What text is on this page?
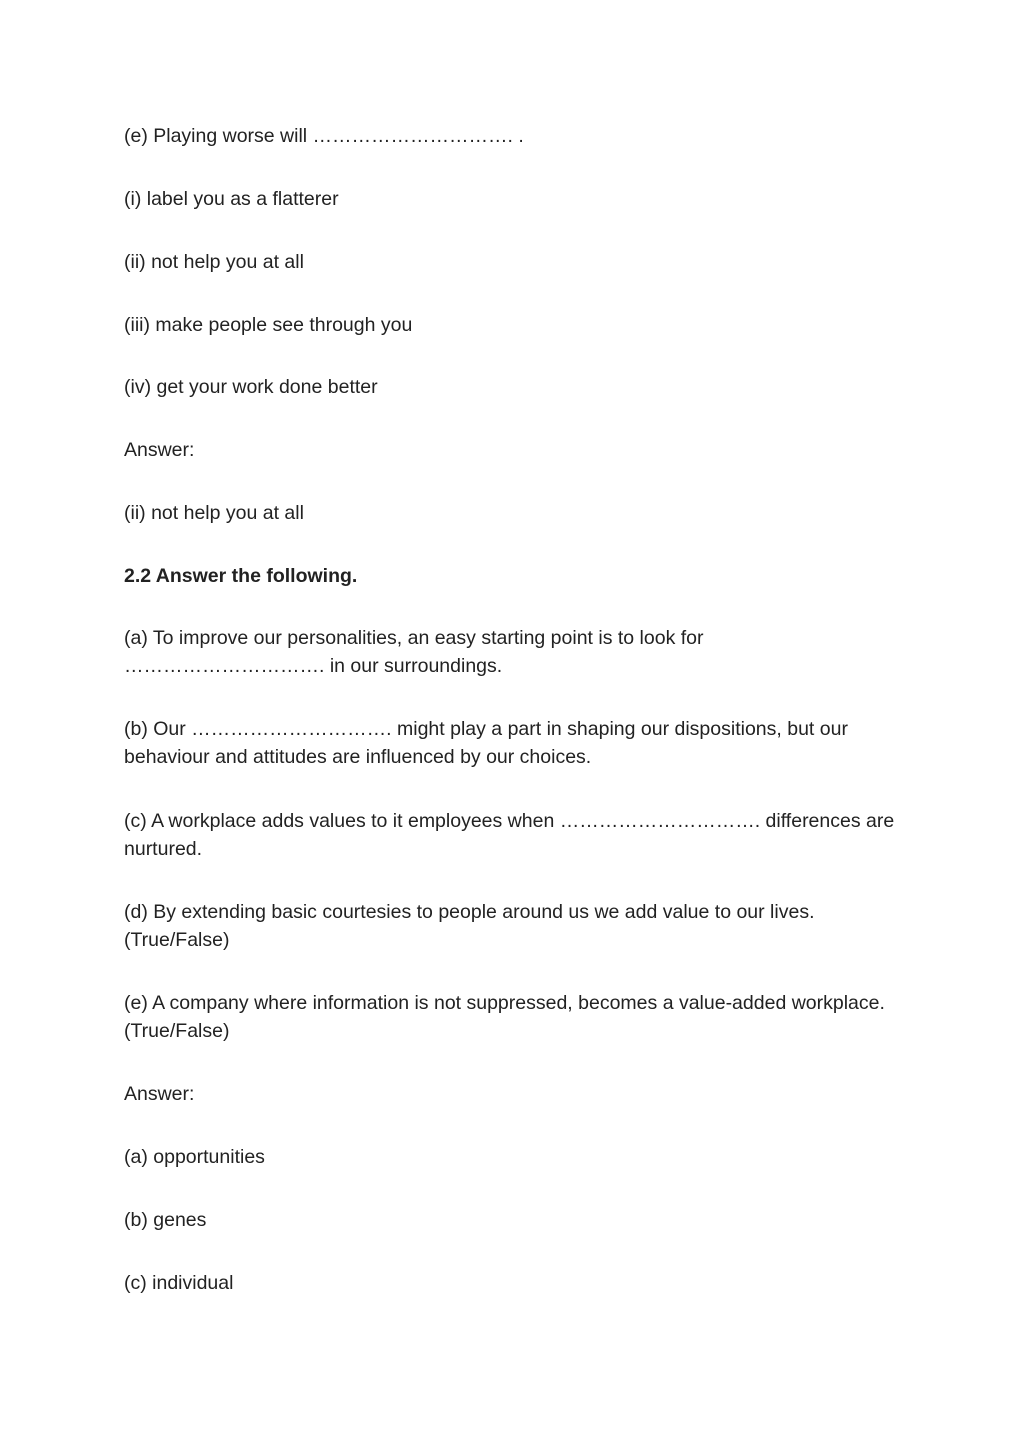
(e) Playing worse will …………………………. .

(i) label you as a flatterer

(ii) not help you at all

(iii) make people see through you

(iv) get your work done better

Answer:

(ii) not help you at all

2.2 Answer the following.

(a) To improve our personalities, an easy starting point is to look for …………………………. in our surroundings.

(b) Our …………………………. might play a part in shaping our dispositions, but our behaviour and attitudes are influenced by our choices.

(c) A workplace adds values to it employees when …………………………. differences are nurtured.

(d) By extending basic courtesies to people around us we add value to our lives. (True/False)

(e) A company where information is not suppressed, becomes a value-added workplace. (True/False)

Answer:

(a) opportunities

(b) genes

(c) individual
